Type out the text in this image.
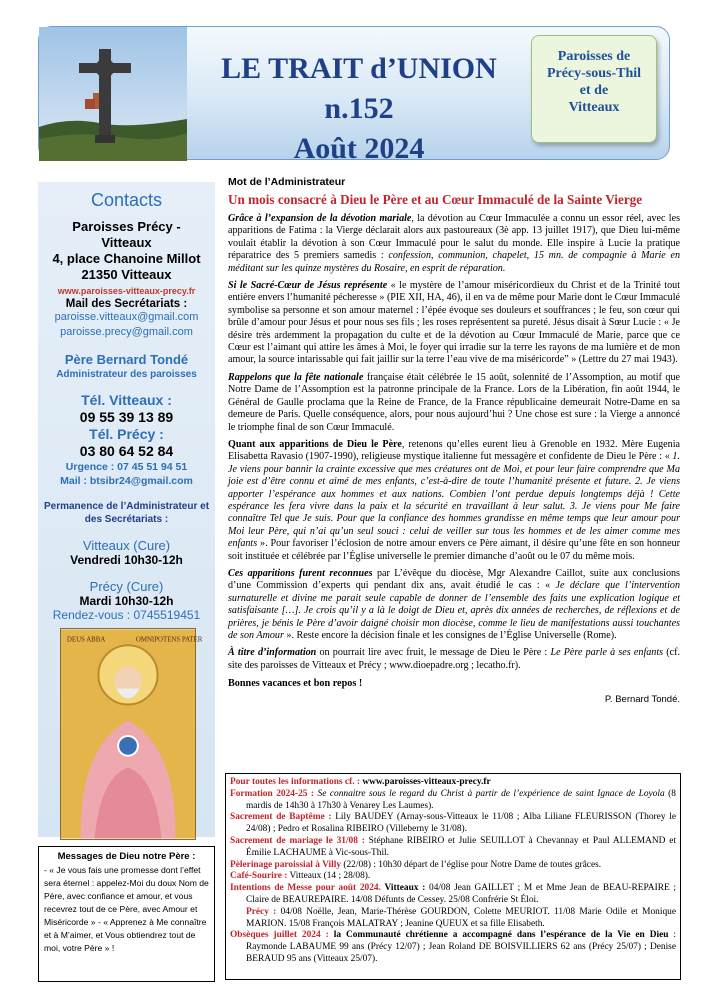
LE TRAIT d’UNION
n.152
Août 2024
Paroisses de
Précy-sous-Thil
et de
Vitteaux
Contacts
Paroisses Précy - Vitteaux
4, place Chanoine Millot
21350 Vitteaux
www.paroisses-vitteaux-precy.fr
Mail des Secrétariats :
paroisse.vitteaux@gmail.com
paroisse.precy@gmail.com
Père Bernard Tondé
Administrateur des paroisses
Tél. Vitteaux :
09 55 39 13 89
Tél. Précy :
03 80 64 52 84
Urgence : 07 45 51 94 51
Mail : btsibr24@gmail.com
Permanence de l’Administrateur et des Secrétariats :
Vitteaux (Cure)
Vendredi 10h30-12h
Précy (Cure)
Mardi 10h30-12h
Rendez-vous : 0745519451
DEUS ABBA	OMNIPOTENS PATER
Messages de Dieu notre Père :
- « Je vous fais une promesse dont l’effet sera éternel : appelez-Moi du doux Nom de Père, avec confiance et amour, et vous recevrez tout de ce Père, avec Amour et Miséricorde » - « Apprenez à Me connaître et à M’aimer, et Vous obtiendrez tout de moi, votre Père » !
Mot de l’Administrateur
Un mois consacré à Dieu le Père et au Cœur Immaculé de la Sainte Vierge

Grâce à l’expansion de la dévotion mariale, la dévotion au Cœur Immaculée a connu un essor réel, avec les apparitions de Fatima : la Vierge déclarait alors aux pastoureaux (3è app. 13 juillet 1917), que Dieu lui-même voulait établir la dévotion à son Cœur Immaculé pour le salut du monde. Elle inspire à Lucie la pratique réparatrice des 5 premiers samedis : confession, communion, chapelet, 15 mn. de compagnie à Marie en méditant sur les quinze mystères du Rosaire, en esprit de réparation.

Si le Sacré-Cœur de Jésus représente « le mystère de l’amour miséricordieux du Christ et de la Trinité tout entière envers l’humanité pécheresse » (PIE XII, HA, 46), il en va de même pour Marie dont le Cœur Immaculé symbolise sa personne et son amour maternel : l’épée évoque ses douleurs et souffrances ; le feu, son cœur qui brûle d’amour pour Jésus et pour nous ses fils ; les roses représentent sa pureté. Jésus disait à Sœur Lucie : « Je désire très ardemment la propagation du culte et de la dévotion au Cœur Immaculé de Marie, parce que ce Cœur est l’aimant qui attire les âmes à Moi, le foyer qui irradie sur la terre les rayons de ma lumière et de mon amour, la source intarissable qui fait jaillir sur la terre l’eau vive de ma miséricorde” » (Lettre du 27 mai 1943).

Rappelons que la fête nationale française était célébrée le 15 août, solennité de l’Assomption, au motif que Notre Dame de l’Assomption est la patronne principale de la France. Lors de la Libération, fin août 1944, le Général de Gaulle proclama que la Reine de France, de la France républicaine demeurait Notre-Dame en sa demeure de Paris. Quelle conséquence, alors, pour nous aujourd’hui ? Une chose est sure : la Vierge a annoncé le triomphe final de son Cœur Immaculé.

Quant aux apparitions de Dieu le Père, retenons qu’elles eurent lieu à Grenoble en 1932. Mère Eugenia Elisabetta Ravasio (1907-1990), religieuse mystique italienne fut messagère et confidente de Dieu le Père : « 1. Je viens pour bannir la crainte excessive que mes créatures ont de Moi, et pour leur faire comprendre que Ma joie est d’être connu et aimé de mes enfants, c’est-à-dire de toute l’humanité présente et future. 2. Je viens apporter l’espérance aux hommes et aux nations. Combien l’ont perdue depuis longtemps déjà ! Cette espérance les fera vivre dans la paix et la sécurité en travaillant à leur salut. 3. Je viens pour Me faire connaître Tel que Je suis. Pour que la confiance des hommes grandisse en même temps que leur amour pour Moi leur Père, qui n’ai qu’un seul souci : celui de veiller sur tous les hommes et de les aimer comme mes enfants ». Pour favoriser l’éclosion de notre amour envers ce Père aimant, il désire qu’une fête en son honneur soit instituée et célébrée par l’Église universelle le premier dimanche d’août ou le 07 du même mois.

Ces apparitions furent reconnues par L’évêque du diocèse, Mgr Alexandre Caillot, suite aux conclusions d’une Commission d’experts qui pendant dix ans, avait étudié le cas : « Je déclare que l’intervention surnaturelle et divine me parait seule capable de donner de l’ensemble des faits une explication logique et satisfaisante […]. Je crois qu’il y a là le doigt de Dieu et, après dix années de recherches, de réflexions et de prières, je bénis le Père d’avoir daigné choisir mon diocèse, comme le lieu de manifestations aussi touchantes de son Amour ». Reste encore la décision finale et les consignes de l’Église Universelle (Rome).

À titre d’information on pourrait lire avec fruit, le message de Dieu le Père : Le Père parle à ses enfants (cf. site des paroisses de Vitteaux et Précy ; www.dioepadre.org ; lecatho.fr).

Bonnes vacances et bon repos !
P. Bernard Tondé.
Pour toutes les informations cf. : www.paroisses-vitteaux-precy.fr
Formation 2024-25 : Se connaitre sous le regard du Christ à partir de l’expérience de saint Ignace de Loyola (8 mardis de 14h30 à 17h30 à Venarey Les Laumes).
Sacrement de Baptême : Lily BAUDEY (Arnay-sous-Vitteaux le 11/08 ; Alba Liliane FLEURISSON (Thorey le 24/08) ; Pedro et Rosalina RIBEIRO (Villeberny le 31/08).
Sacrement de mariage le 31/08 : Stéphane RIBEIRO et Julie SEUILLOT à Chevannay et Paul ALLEMAND et Émilie LACHAUME à Vic-sous-Thil.
Pèlerinage paroissial à Villy (22/08) : 10h30 départ de l’église pour Notre Dame de toutes grâces.
Café-Sourire : Vitteaux (14 ; 28/08).
Intentions de Messe pour août 2024. Vitteaux : 04/08 Jean GAILLET ; M et Mme Jean de BEAU-REPAIRE ; Claire de BEAUREPAIRE. 14/08 Défunts de Cessey. 25/08 Confrérie St Éloi.
Précy : 04/08 Noëlle, Jean, Marie-Thérèse GOURDON, Colette MEURIOT. 11/08 Marie Odile et Monique MARION. 15/08 François MALATRAY ; Jeanine QUEUX et sa fille Elisabeth.
Obsèques juillet 2024 : la Communauté chrétienne a accompagné dans l’espérance de la Vie en Dieu : Raymonde LABAUME 99 ans (Précy 12/07) ; Jean Roland DE BOISVILLIERS 62 ans (Précy 25/07) ; Denise BERAUD 95 ans (Vitteaux 25/07).
